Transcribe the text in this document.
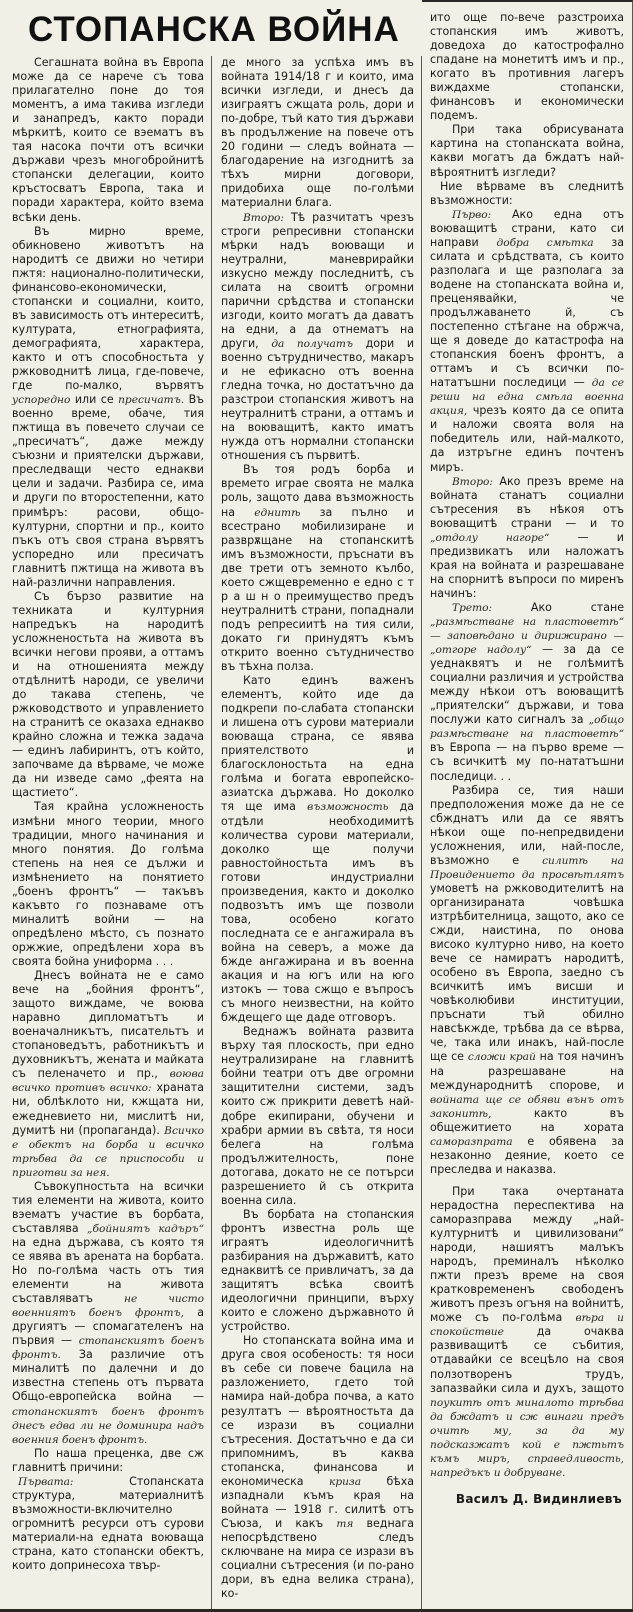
СТОПАНСКА ВОЙНА

Сегашната война въ Европа може да се нарече съ това прилагателно поне до тоя моментъ, а има такива изгледи и занапредъ, както поради мѣркитѣ, които се вэематъ въ тая насока почти отъ всички държави чрезъ многобройнитѣ стопански делегации, които кръстосватъ Европа, така и поради характера, който взема всѣки день.

Въ мирно време, обикновено животътъ на народитѣ се движи но четири пжтя: национално-политически, финансово-економически, стопански и социални, които, въ зависимость отъ интереситѣ, културата, етнографията, демографията, характера, както и отъ способностьта у ржководнитѣ лица, где-повече, где по-малко, вървятъ успоредно или се пресичатъ. Въ военно време, обаче, тия пжтища въ повечето случаи се „пресичатъ“, даже между съюзни и приятелски държави, преследващи често еднакви цели и задачи. Разбира се, има и други по второстепенни, като примѣръ: расови, общо-културни, спортни и пр., които пъкъ отъ своя страна вървятъ успоредно или пресичатъ главнитѣ пжтища на живота въ най-различни направления.

Съ бързо развитие на техниката и културния напредъкъ на народитѣ усложненостьта на живота въ всички негови прояви, а оттамъ и на отношенията между отдѣлнитѣ народи, се увеличи до такава степень, че ржководството и управлението на странитѣ се оказаха еднакво крайно сложна и тежка задача — единъ лабиринтъ, отъ който, започваме да вѣрваме, че може да ни изведе само „феята на щастието“.

Тая крайна усложненость измѣни много теории, много традиции, много начинания и много понятия. До голѣма степень на нея се дължи и измѣнението на понятието „боенъ фронтъ“ — такъвъ какъвто го познаваме отъ миналитѣ войни — на опредѣлено мѣсто, съ познато оржжие, опредѣлени хора въ своята бойна униформа . . .

Днесъ войната не е само вече на „бойния фронтъ“, защото виждаме, че воюва наравно дипломатътъ и военачалникътъ, писательтъ и стопановедътъ, работникътъ и духовникътъ, жената и майката съ пеленачето и пр., воюва всичко противъ всичко: храната ни, облѣклото ни, кжщата ни, ежедневието ни, мислитѣ ни, думитѣ ни (пропаганда). Всичко е обектъ на борба и всичко трѣбва да се приспособи и приготви за нея.

Съвокупностьта на всички тия елементи на живота, които вэематъ участие въ борбата, съставлява „бойниятъ кадъръ“ на една държава, съ която тя се явява въ арената на борбата. Но по-голѣма часть отъ тия елементи на живота съставляватъ	не чисто военниятъ боенъ фронтъ, а другиятъ — спомагателенъ на първия — стопанскиятъ боенъ фронтъ. За различие отъ миналитѣ по далечни и до известна степень отъ първата Общо-европейска война — стопанскиятъ боенъ фронтъ днесъ едва ли не доминира надъ военния боенъ фронтъ.

По наша преценка, две сж главнитѣ причини:

Първата:	Стопанската структура, материалнитѣ възможности-включително огромнитѣ ресурси отъ сурови материали-на едната воюваща страна, като стопански обектъ, които допринесоха твър-

де много за успѣха имъ въ войната 1914/18 г и които, има всички изгледи, и днесъ да изиграятъ сжщата роль, дори и по-добре, тъй като тия държави въ продължение на повече отъ 20 години — следъ войната — благодарение на изгоднитѣ за тѣхъ мирни договори, придобиха още по-голѣми материални блага.

Второ: Тѣ разчитатъ чрезъ строги репресивни стопански мѣрки надъ воюващи и неутрални, маневрирайки изкусно между последнитѣ, съ силата на своитѣ огромни парични срѣдства и стопански изгоди, които могатъ да даватъ на едни, а да отнематъ на други, да получатъ дори и военно сътрудничество, макаръ и не ефикасно отъ военна гледна точка, но достатъчно да разстрои стопанския животъ на неутралнитѣ страни, а оттамъ и на воюващитѣ, както иматъ нужда отъ нормални стопански отношения съ първитѣ.

Въ тоя родъ борба и времето играе своята не малка роль, защото дава възможность на еднитѣ за пълно и всестрано мобилизиране и разврѫщане на стопанскитѣ имъ възможности, пръснати въ две трети отъ земното кълбо, което сжщевременно е едно с т р а ш н о преимущество предъ неутралнитѣ страни, попаднали подъ репресиитѣ на тия сили, докато ги принудятъ къмъ открито военно сътудничество въ тѣхна полза.

Като единъ важенъ елементъ, който иде да подкрепи по-слабата стопански и лишена отъ сурови материали воюваща страна, се явява приятелството и благосклоностьта на една голѣма и богата европейско-азиатска държава. Но доколко тя ще има възможность да отдѣли необходимитѣ количества сурови материали, доколко ще получи равностойностьта имъ въ готови индустриални произведения, както и доколко подвозътъ имъ ще позволи това, особено когато последната се е ангажирала въ война на северъ, а може да бжде ангажирана и въ военна акация и на югъ или на юго изтокъ — това сжщо е въпросъ съ много неизвестни, на който бждещего ще даде отговоръ.

Веднажъ войната развита върху тая плоскость, при едно неутрализиране на главнитѣ бойни театри отъ две огромни защитителни системи, задъ които сж прикрити деветѣ най-добре екипирани, обучени и храбри армии въ свѣта, тя носи белега на голѣма продължителность, поне дотогава, докато не се потърси разрешението й съ открита военна сила.

Въ борбата на стопанския фронтъ известна роль ще играятъ идеологичнитѣ разбирания на държавитѣ, като еднаквитѣ се привличатъ, за да защитятъ всѣка своитѣ идеологични принципи, върху които е сложено държавното й устройство.

Но стопанската война има и друга своя особеность: тя носи въ себе си повече бацила на разложението, гдето той намира най-добра почва, а като резултатъ — вѣроятностьта да се изрази въ социални сътресения. Достатъчно е да си припомнимъ, въ каква стопанска, финансова и економическа криза бѣха изпаднали къмъ края на войната — 1918 г. силитѣ отъ Съюза, и какъ тя веднага непосрѣдствено следъ сключване на мира се изрази въ социални сътресения (и по-рано дори, въ една велика страна), ко-

ито още по-вече разстроиха стопанския имъ животъ, доведоха до катострофално спадане на монетитѣ имъ и пр., когато въ противния лагеръ виждахме стопански, финансовъ и економически подемъ.

При така обрисуваната картина на стопанската война, какви могатъ да бждатъ най-вѣроятнитѣ изгледи?

Ние вѣрваме въ следнитѣ възможности:

Първо: Ако една отъ воюващитѣ страни, като си направи добра смѣтка за силата и срѣдствата, съ които разполага и ще разполага за водене на стопанската война и, преценявайки, че продължаването й, съ постепенно стѣгане на обржча, ще я доведе до катастрофа на стопанския боенъ фронтъ, а оттамъ и съ всички по-нататъшни последици — да се реши на една смѣла военна акция, чрезъ която да се опита и наложи своята воля на победитель или, най-малкото, да изтръгне единъ почтенъ миръ.

Второ: Ако презъ време на войната станатъ социални сътресения въ нѣкоя отъ воюващитѣ страни — и то „отдолу нагоре“	— и предизвикатъ или наложатъ края на войната и разрешаване на спорнитѣ въпроси по миренъ начинъ:

Трето:	Ако стане „размѣстване на пластоветѣ“ — заповѣдано и дирижирано — „отгоре надолу“ — за да се уеднаквятъ и не голѣмитѣ социални различия и устройства между нѣкои отъ воюващитѣ „приятелски“ държави, и това послужи като сигналъ за „общо размѣстване на пластоветѣ“ въ Европа — на първо време — съ всичкитѣ му по-нататъшни последици. . .

Разбира се, тия наши предположения може да не се сбжднатъ или да се явятъ нѣкои още по-непредвидени усложнения, или, най-после, възможно е силитѣ на Провидението да просвѣтлятъ умоветѣ на ржководителитѣ на организираната човѣшка изтрѣбителница, защото, ако се сжди, наистина, по онова високо културно ниво, на което вече се намиратъ народитѣ, особено въ Европа, заедно съ всичкитѣ имъ висши и човѣколюбиви институции, пръснати тъй обилно навсѣкжде, трѣбва да се вѣрва, че, така или инакъ, най-после ще се сложи край на тоя начинъ на разрешаване на международнитѣ спорове, и войната ще се обяви вънъ отъ законитѣ,	както въ общежитието на хората саморазпрата е обявена за незаконно деяние, което се преследва и наказва.

При така очертаната нерадостна переспектива на саморазправа между „най-културнитѣ и цивилизовани“ народи, нашиятъ малъкъ народъ, преминалъ нѣколко пжти презъ време на своя кратковремененъ свободенъ животъ презъ огъня на войнитѣ, може съ по-голѣма вѣра и спокойствие	да очаква развиващитѣ се събития, отдавайки се всецѣло на своя ползотворенъ трудъ, запазвайки сила и духъ, защото поукитѣ отъ миналото трѣбва да бждатъ и сж винаги предъ очитѣ му, за да му подсказжатъ кой е пжтьтъ къмъ миръ, справедливость, напредъкъ и добруване.

Василъ Д. Видинлиевъ
